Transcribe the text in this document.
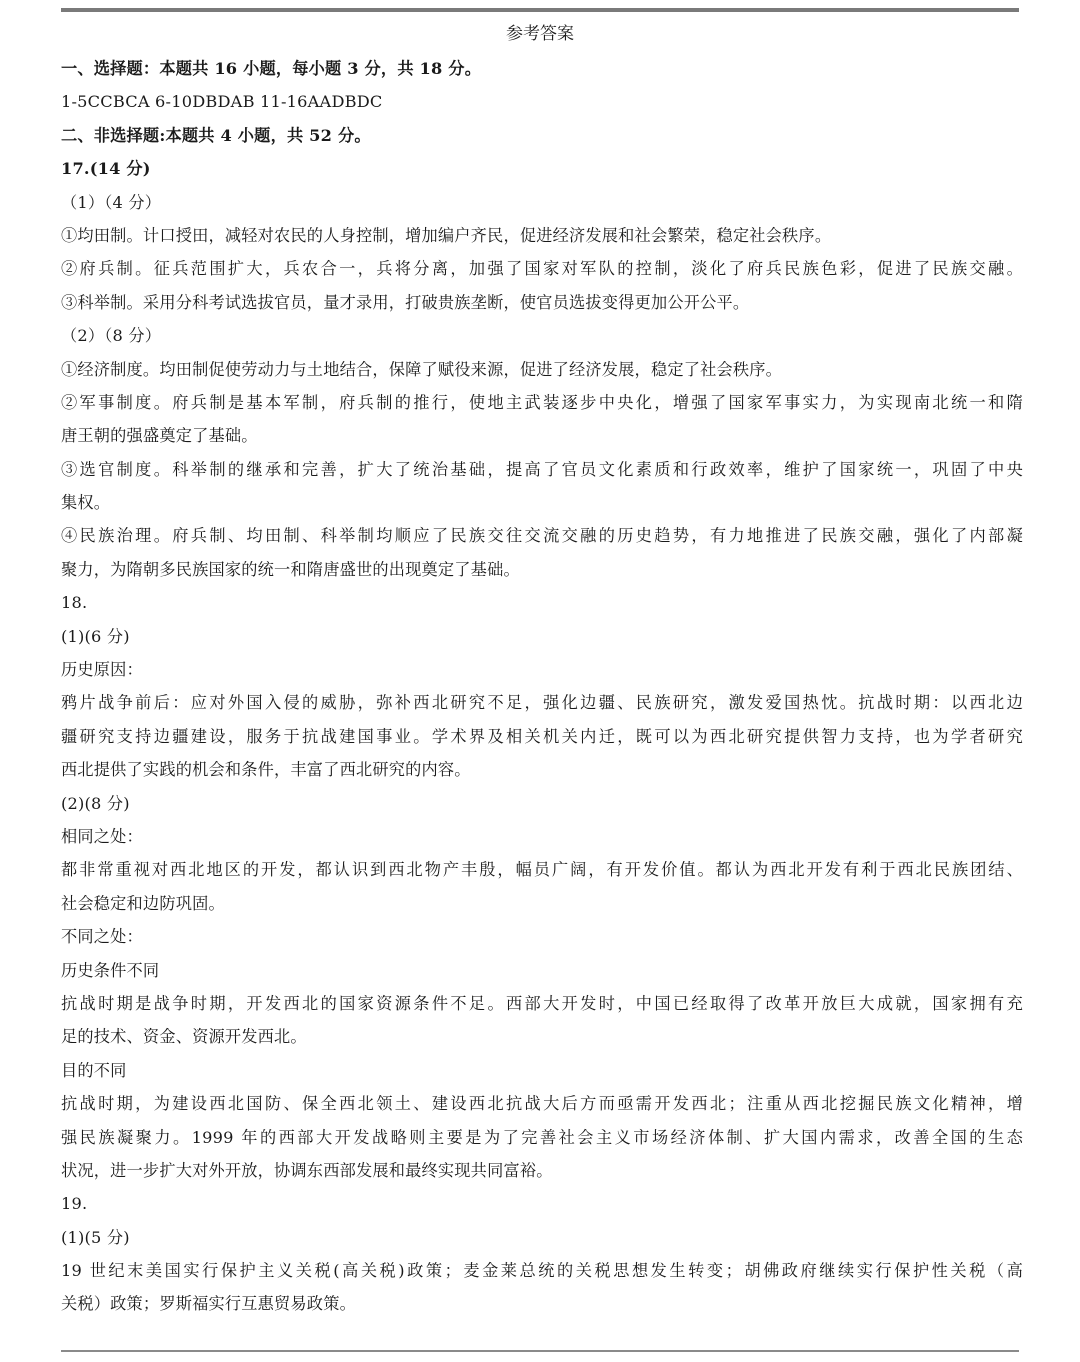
参考答案
一、选择题：本题共 16 小题，每小题 3 分，共 18 分。
1-5CCBCA 6-10DBDAB 11-16AADBDC
二、非选择题:本题共 4 小题，共 52 分。
17.(14 分)
（1）（4 分）
①均田制。计口授田，减轻对农民的人身控制，增加编户齐民，促进经济发展和社会繁荣，稳定社会秩序。
②府兵制。征兵范围扩大，兵农合一，兵将分离，加强了国家对军队的控制，淡化了府兵民族色彩，促进了民族交融。
③科举制。采用分科考试选拔官员，量才录用，打破贵族垄断，使官员选拔变得更加公开公平。
（2）（8 分）
①经济制度。均田制促使劳动力与土地结合，保障了赋役来源，促进了经济发展，稳定了社会秩序。
②军事制度。府兵制是基本军制，府兵制的推行，使地主武装逐步中央化，增强了国家军事实力，为实现南北统一和隋
唐王朝的强盛奠定了基础。
③选官制度。科举制的继承和完善，扩大了统治基础，提高了官员文化素质和行政效率，维护了国家统一，巩固了中央
集权。
④民族治理。府兵制、均田制、科举制均顺应了民族交往交流交融的历史趋势，有力地推进了民族交融，强化了内部凝
聚力，为隋朝多民族国家的统一和隋唐盛世的出现奠定了基础。
18.
(1)(6 分)
历史原因：
鸦片战争前后：应对外国入侵的威胁，弥补西北研究不足，强化边疆、民族研究，激发爱国热忱。抗战时期：以西北边
疆研究支持边疆建设，服务于抗战建国事业。学术界及相关机关内迁，既可以为西北研究提供智力支持，也为学者研究
西北提供了实践的机会和条件，丰富了西北研究的内容。
(2)(8 分)
相同之处：
都非常重视对西北地区的开发，都认识到西北物产丰殷，幅员广阔，有开发价值。都认为西北开发有利于西北民族团结、
社会稳定和边防巩固。
不同之处：
历史条件不同
抗战时期是战争时期，开发西北的国家资源条件不足。西部大开发时，中国已经取得了改革开放巨大成就，国家拥有充
足的技术、资金、资源开发西北。
目的不同
抗战时期，为建设西北国防、保全西北领土、建设西北抗战大后方而亟需开发西北；注重从西北挖掘民族文化精神，增
强民族凝聚力。1999 年的西部大开发战略则主要是为了完善社会主义市场经济体制、扩大国内需求，改善全国的生态
状况，进一步扩大对外开放，协调东西部发展和最终实现共同富裕。
19.
(1)(5 分)
19 世纪末美国实行保护主义关税(高关税)政策；麦金莱总统的关税思想发生转变；胡佛政府继续实行保护性关税（高
关税）政策；罗斯福实行互惠贸易政策。
